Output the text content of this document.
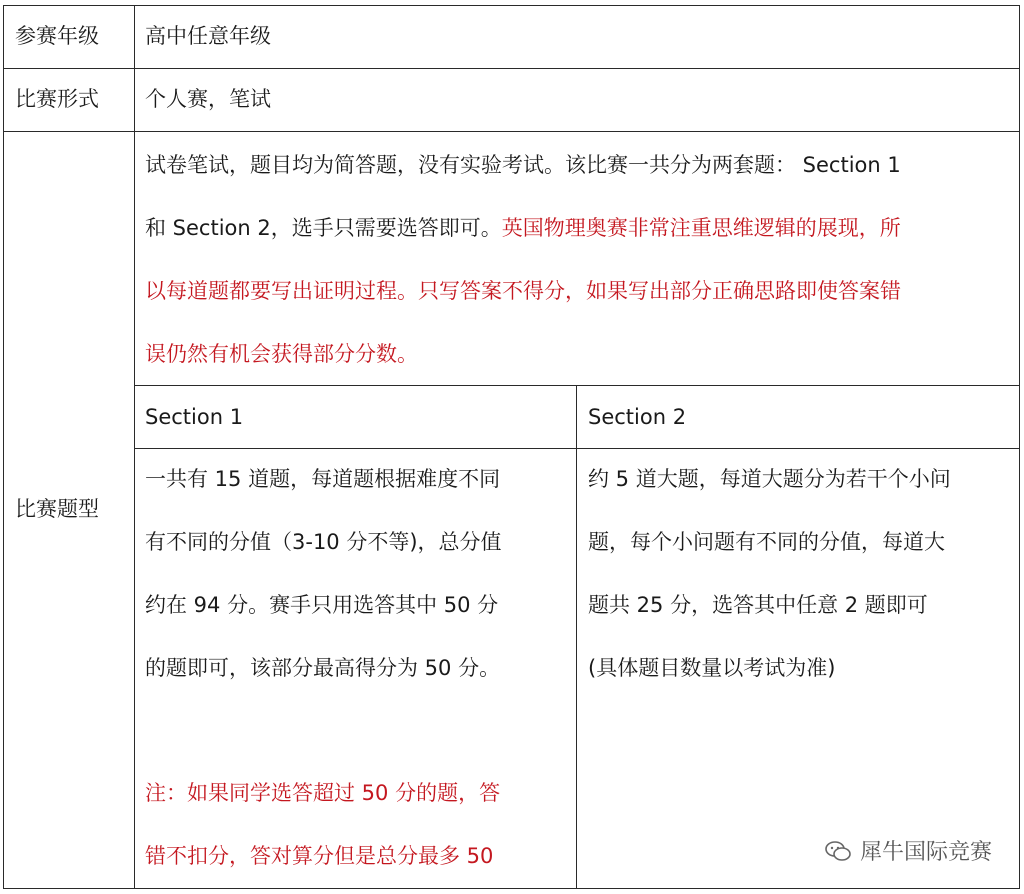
参赛年级 高中任意年级
比赛形式 个人赛，笔试
比赛题型
试卷笔试，题目均为简答题，没有实验考试。该比赛一共分为两套题： Section 1
和 Section 2，选手只需要选答即可。英国物理奥赛非常注重思维逻辑的展现，所
以每道题都要写出证明过程。只写答案不得分，如果写出部分正确思路即使答案错
误仍然有机会获得部分分数。
Section 1	Section 2
一共有 15 道题，每道题根据难度不同
有不同的分值（3-10 分不等)，总分值
约在 94 分。赛手只用选答其中 50 分
的题即可，该部分最高得分为 50 分。
注：如果同学选答超过 50 分的题，答
错不扣分，答对算分但是总分最多 50
约 5 道大题，每道大题分为若干个小问
题，每个小问题有不同的分值，每道大
题共 25 分，选答其中任意 2 题即可
(具体题目数量以考试为准)
犀牛国际竞赛
